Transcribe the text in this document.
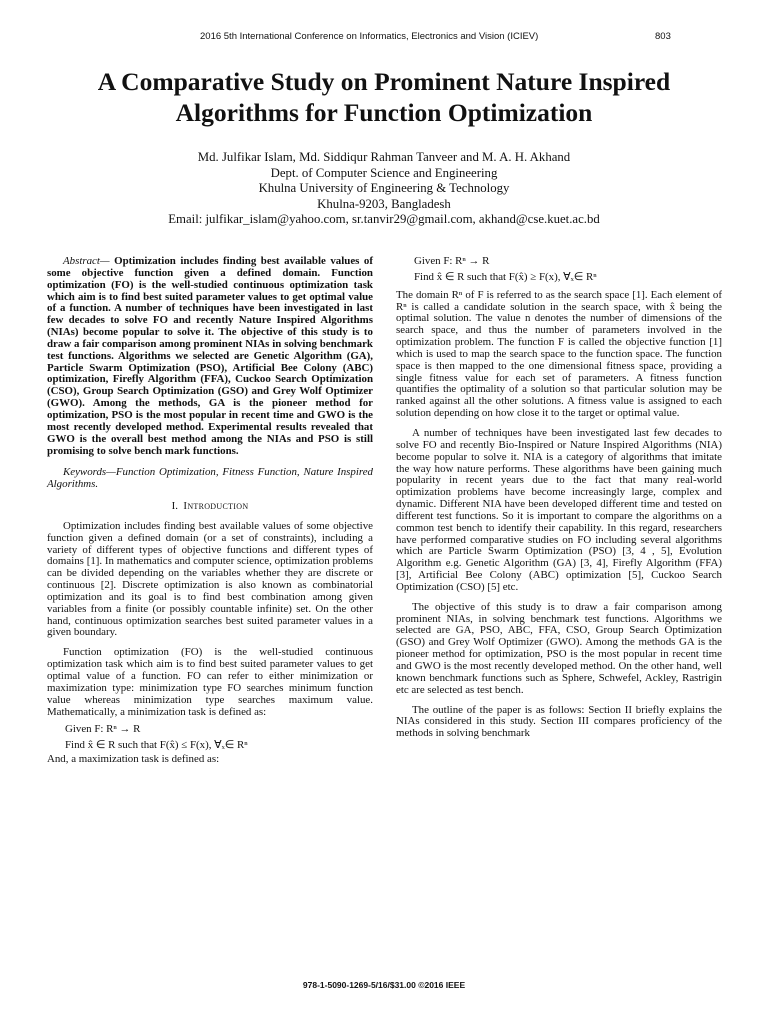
2016 5th International Conference on Informatics, Electronics and Vision (ICIEV)	803
A Comparative Study on Prominent Nature Inspired Algorithms for Function Optimization
Md. Julfikar Islam, Md. Siddiqur Rahman Tanveer and M. A. H. Akhand
Dept. of Computer Science and Engineering
Khulna University of Engineering & Technology
Khulna-9203, Bangladesh
Email: julfikar_islam@yahoo.com, sr.tanvir29@gmail.com, akhand@cse.kuet.ac.bd

Abstract— Optimization includes finding best available values of some objective function given a defined domain. Function optimization (FO) is the well-studied continuous optimization task which aim is to find best suited parameter values to get optimal value of a function. A number of techniques have been investigated in last few decades to solve FO and recently Nature Inspired Algorithms (NIAs) become popular to solve it. The objective of this study is to draw a fair comparison among prominent NIAs in solving benchmark test functions. Algorithms we selected are Genetic Algorithm (GA), Particle Swarm Optimization (PSO), Artificial Bee Colony (ABC) optimization, Firefly Algorithm (FFA), Cuckoo Search Optimization (CSO), Group Search Optimization (GSO) and Grey Wolf Optimizer (GWO). Among the methods, GA is the pioneer method for optimization, PSO is the most popular in recent time and GWO is the most recently developed method. Experimental results revealed that GWO is the overall best method among the NIAs and PSO is still promising to solve bench mark functions.

Keywords—Function Optimization, Fitness Function, Nature Inspired Algorithms.

I. Introduction

Optimization includes finding best available values of some objective function given a defined domain (or a set of constraints), including a variety of different types of objective functions and different types of domains [1]. In mathematics and computer science, optimization problems can be divided depending on the variables whether they are discrete or continuous [2]. Discrete optimization is also known as combinatorial optimization and its goal is to find best combination among given variables from a finite (or possibly countable infinite) set. On the other hand, continuous optimization searches best suited parameter values in a given boundary.

Function optimization (FO) is the well-studied continuous optimization task which aim is to find best suited parameter values to get optimal value of a function. FO can refer to either minimization or maximization type: minimization type FO searches minimum function value whereas minimization type searches maximum value. Mathematically, a minimization task is defined as:

Given F: Rⁿ → R

Find x̂ ∈ R such that F(x̂) ≤ F(x), ∀ₓ∈ Rⁿ

And, a maximization task is defined as:

Given F: Rⁿ → R

Find x̂ ∈ R such that F(x̂) ≥ F(x), ∀ₓ∈ Rⁿ

The domain Rⁿ of F is referred to as the search space [1]. Each element of Rⁿ is called a candidate solution in the search space, with x̂ being the optimal solution. The value n denotes the number of dimensions of the search space, and thus the number of parameters involved in the optimization problem. The function F is called the objective function [1] which is used to map the search space to the function space. The function space is then mapped to the one dimensional fitness space, providing a single fitness value for each set of parameters. A fitness function quantifies the optimality of a solution so that particular solution may be ranked against all the other solutions. A fitness value is assigned to each solution depending on how close it to the target or optimal value.

A number of techniques have been investigated last few decades to solve FO and recently Bio-Inspired or Nature Inspired Algorithms (NIA) become popular to solve it. NIA is a category of algorithms that imitate the way how nature performs. These algorithms have been gaining much popularity in recent years due to the fact that many real-world optimization problems have become increasingly large, complex and dynamic. Different NIA have been developed different time and tested on different test functions. So it is important to compare the algorithms on a common test bench to identify their capability. In this regard, researchers have performed comparative studies on FO including several algorithms which are Particle Swarm Optimization (PSO) [3, 4 , 5], Evolution Algorithm e.g. Genetic Algorithm (GA) [3, 4], Firefly Algorithm (FFA) [3], Artificial Bee Colony (ABC) optimization [5], Cuckoo Search Optimization (CSO) [5] etc.

The objective of this study is to draw a fair comparison among prominent NIAs, in solving benchmark test functions. Algorithms we selected are GA, PSO, ABC, FFA, CSO, Group Search Optimization (GSO) and Grey Wolf Optimizer (GWO). Among the methods GA is the pioneer method for optimization, PSO is the most popular in recent time and GWO is the most recently developed method. On the other hand, well known benchmark functions such as Sphere, Schwefel, Ackley, Rastrigin etc are selected as test bench.

The outline of the paper is as follows: Section II briefly explains the NIAs considered in this study. Section III compares proficiency of the methods in solving benchmark

978-1-5090-1269-5/16/$31.00 ©2016 IEEE
